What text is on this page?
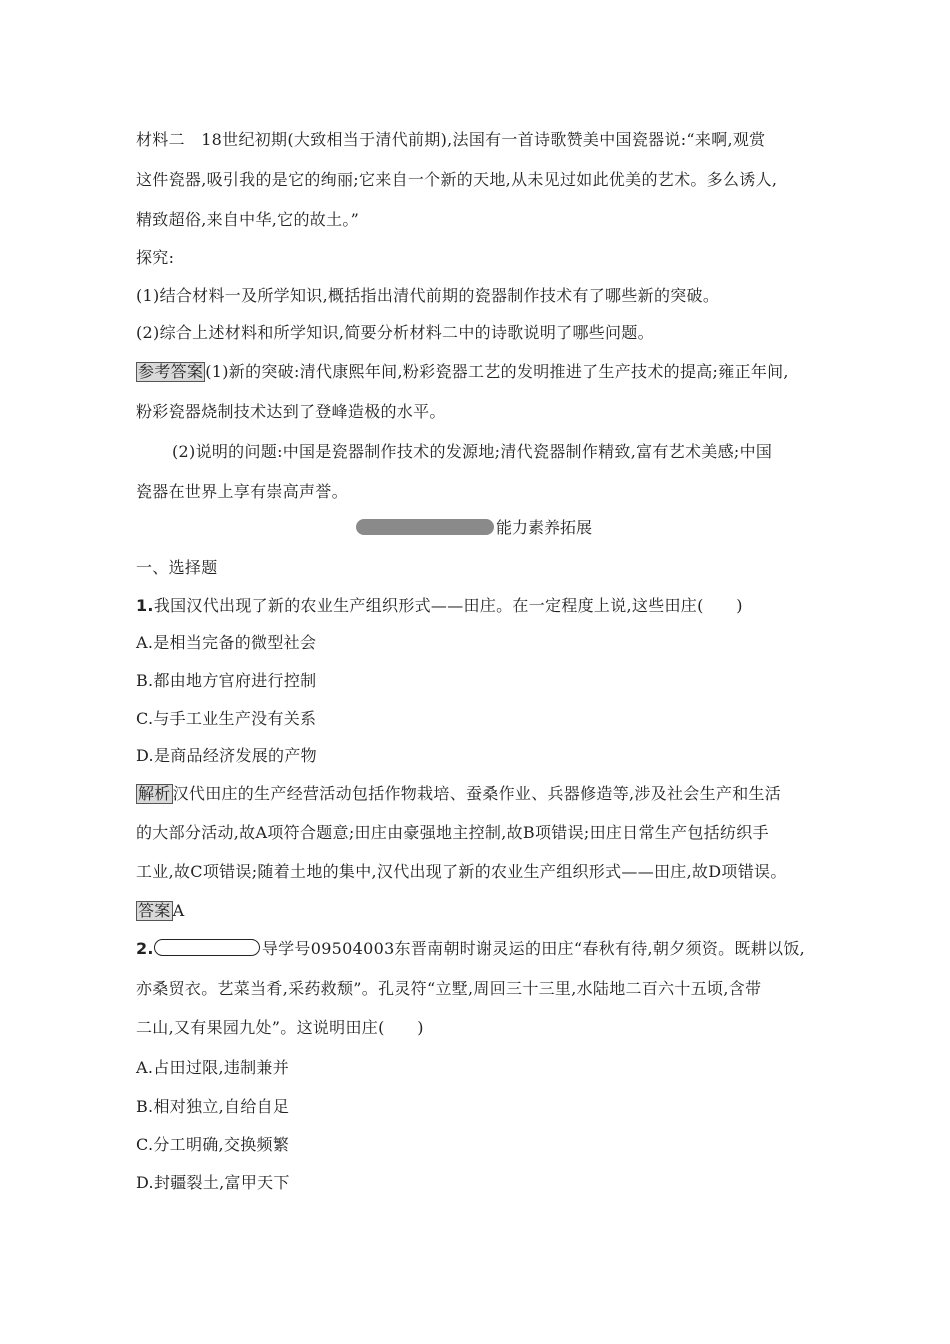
材料二　18世纪初期(大致相当于清代前期),法国有一首诗歌赞美中国瓷器说:“来啊,观赏

这件瓷器,吸引我的是它的绚丽;它来自一个新的天地,从未见过如此优美的艺术。多么诱人,

精致超俗,来自中华,它的故土。”

探究:

(1)结合材料一及所学知识,概括指出清代前期的瓷器制作技术有了哪些新的突破。

(2)综合上述材料和所学知识,简要分析材料二中的诗歌说明了哪些问题。

参考答案 (1)新的突破:清代康熙年间,粉彩瓷器工艺的发明推进了生产技术的提高;雍正年间,

粉彩瓷器烧制技术达到了登峰造极的水平。

(2)说明的问题:中国是瓷器制作技术的发源地;清代瓷器制作精致,富有艺术美感;中国

瓷器在世界上享有崇高声誉。

一、选择题

1.我国汉代出现了新的农业生产组织形式——田庄。在一定程度上说,这些田庄(　　)

A.是相当完备的微型社会

B.都由地方官府进行控制

C.与手工业生产没有关系

D.是商品经济发展的产物

解析 汉代田庄的生产经营活动包括作物栽培、蚕桑作业、兵器修造等,涉及社会生产和生活

的大部分活动,故A项符合题意;田庄由豪强地主控制,故B项错误;田庄日常生产包括纺织手

工业,故C项错误;随着土地的集中,汉代出现了新的农业生产组织形式——田庄,故D项错误。

答案 A

2.	导学号09504003东晋南朝时谢灵运的田庄“春秋有待,朝夕须资。既耕以饭,

亦桑贸衣。艺菜当肴,采药救颓”。孔灵符“立墅,周回三十三里,水陆地二百六十五顷,含带

二山,又有果园九处”。这说明田庄(　　)

A.占田过限,违制兼并

B.相对独立,自给自足

C.分工明确,交换频繁

D.封疆裂土,富甲天下

能力素养拓展
